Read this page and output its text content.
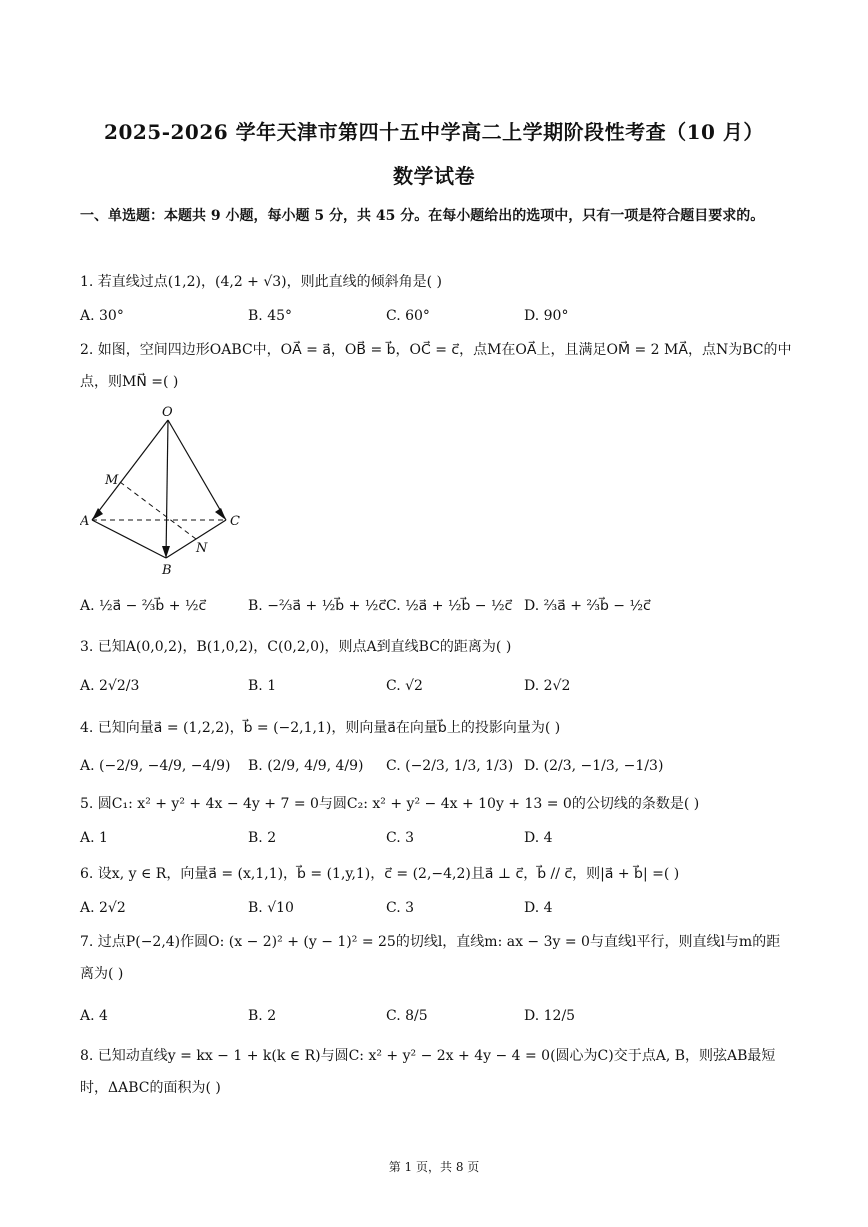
2025-2026 学年天津市第四十五中学高二上学期阶段性考查（10 月）
数学试卷
一、单选题：本题共 9 小题，每小题 5 分，共 45 分。在每小题给出的选项中，只有一项是符合题目要求的。
1. 若直线过点(1,2)，(4,2 + √3)，则此直线的倾斜角是( )
A. 30°	B. 45°	C. 60°	D. 90°
2. 如图，空间四边形OABC中，OA⃗ = a⃗，OB⃗ = b⃗，OC⃗ = c⃗，点M在OA⃗上，且满足OM⃗ = 2 MA⃗，点N为BC的中点，则MN⃗ =( )
O
M
A	C
N
B
A. ½a⃗ − ⅔b⃗ + ½c⃗	B. −⅔a⃗ + ½b⃗ + ½c⃗ C. ½a⃗ + ½b⃗ − ½c⃗ D. ⅔a⃗ + ⅔b⃗ − ½c⃗
3. 已知A(0,0,2)，B(1,0,2)，C(0,2,0)，则点A到直线BC的距离为( )
A. 2√2/3	B. 1	C. √2	D. 2√2
4. 已知向量a⃗ = (1,2,2)，b⃗ = (−2,1,1)，则向量a⃗在向量b⃗上的投影向量为( )
A. (−2/9, −4/9, −4/9) B. (2/9, 4/9, 4/9) C. (−2/3, 1/3, 1/3) D. (2/3, −1/3, −1/3)
5. 圆C₁: x² + y² + 4x − 4y + 7 = 0与圆C₂: x² + y² − 4x + 10y + 13 = 0的公切线的条数是( )
A. 1	B. 2	C. 3	D. 4
6. 设x, y ∈ R，向量a⃗ = (x,1,1)，b⃗ = (1,y,1)，c⃗ = (2,−4,2)且a⃗ ⊥ c⃗，b⃗ // c⃗，则|a⃗ + b⃗| =( )
A. 2√2	B. √10	C. 3	D. 4
7. 过点P(−2,4)作圆O: (x − 2)² + (y − 1)² = 25的切线l，直线m: ax − 3y = 0与直线l平行，则直线l与m的距离为( )
A. 4	B. 2	C. 8/5	D. 12/5
8. 已知动直线y = kx − 1 + k(k ∈ R)与圆C: x² + y² − 2x + 4y − 4 = 0(圆心为C)交于点A, B，则弦AB最短时，ΔABC的面积为( )
第 1 页，共 8 页
